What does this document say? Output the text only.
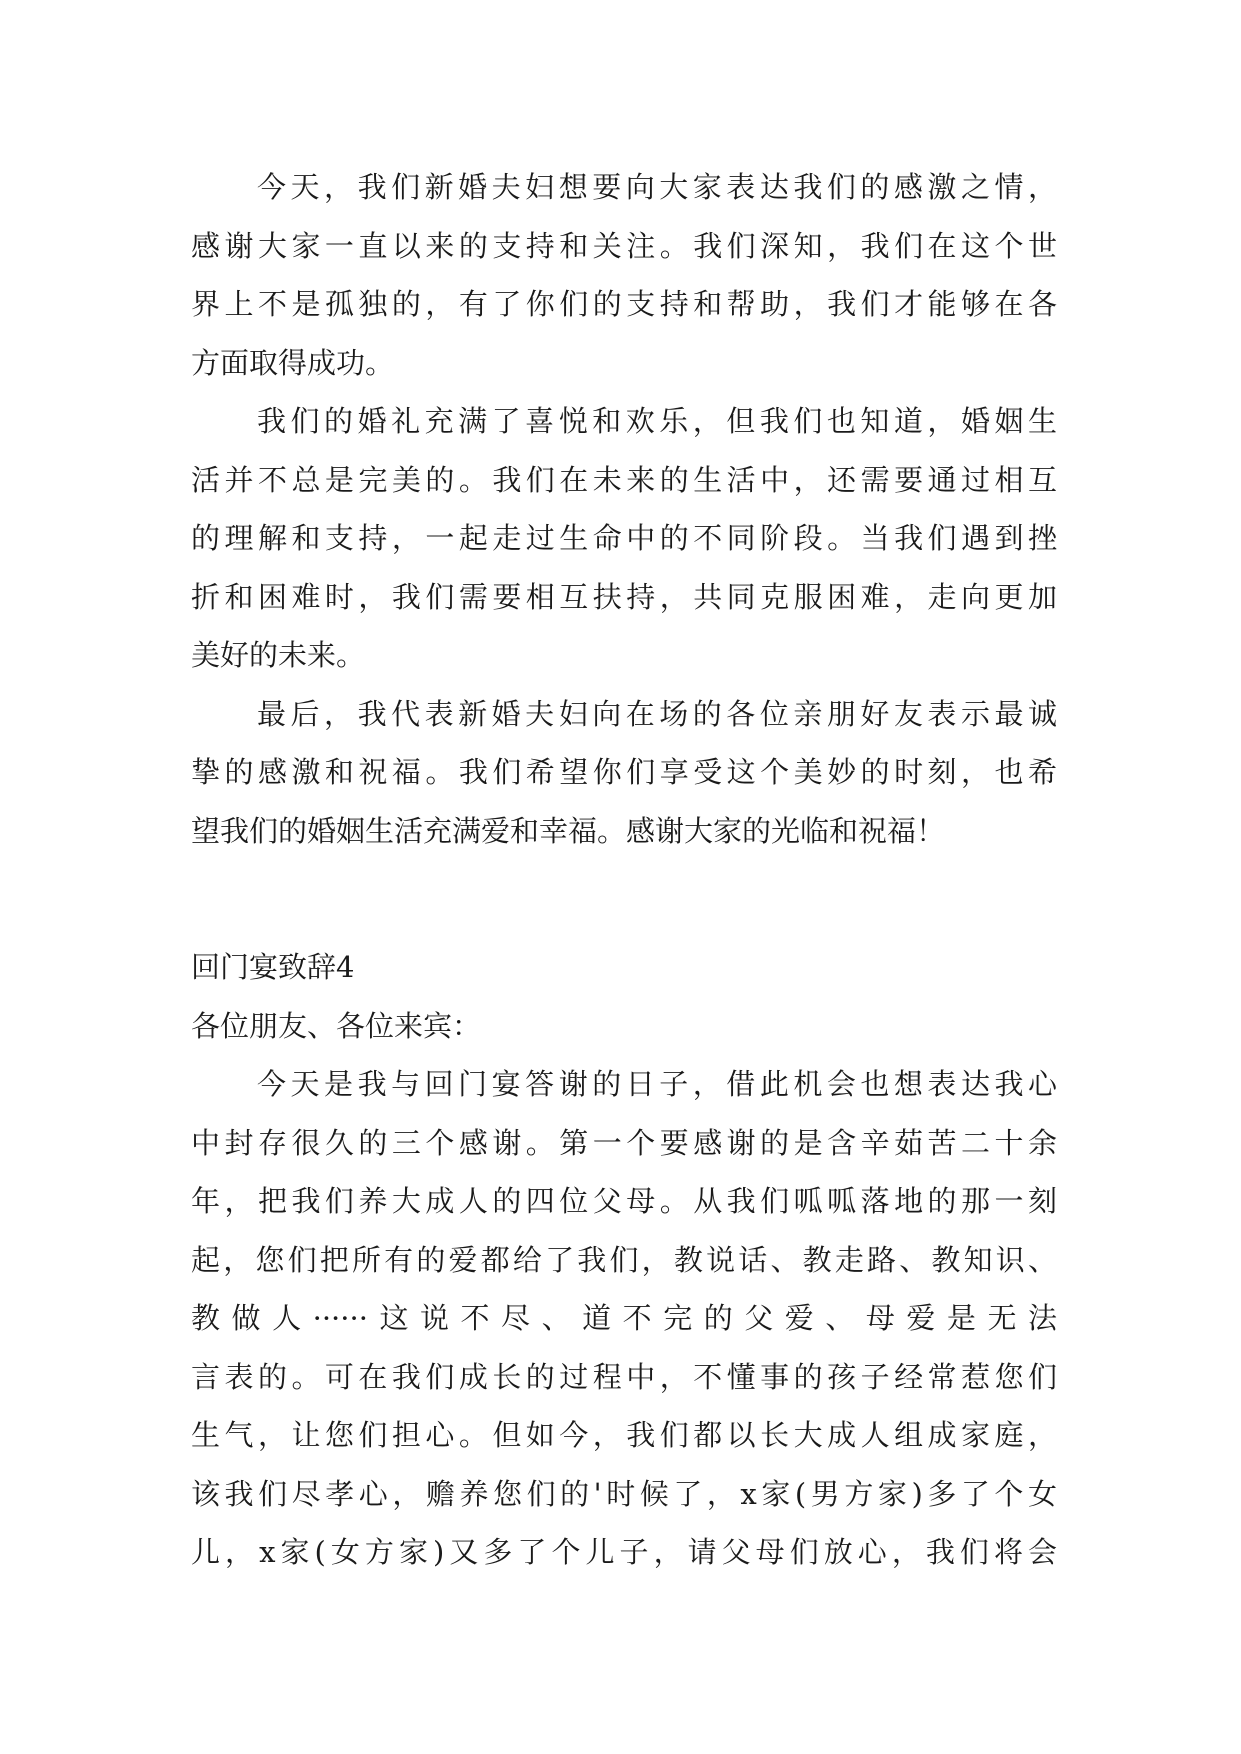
今天，我们新婚夫妇想要向大家表达我们的感激之情，
感谢大家一直以来的支持和关注。我们深知，我们在这个世
界上不是孤独的，有了你们的支持和帮助，我们才能够在各
方面取得成功。
我们的婚礼充满了喜悦和欢乐，但我们也知道，婚姻生
活并不总是完美的。我们在未来的生活中，还需要通过相互
的理解和支持，一起走过生命中的不同阶段。当我们遇到挫
折和困难时，我们需要相互扶持，共同克服困难，走向更加
美好的未来。
最后，我代表新婚夫妇向在场的各位亲朋好友表示最诚
挚的感激和祝福。我们希望你们享受这个美妙的时刻，也希
望我们的婚姻生活充满爱和幸福。感谢大家的光临和祝福！
回门宴致辞4
各位朋友、各位来宾：
今天是我与回门宴答谢的日子，借此机会也想表达我心
中封存很久的三个感谢。第一个要感谢的是含辛茹苦二十余
年，把我们养大成人的四位父母。从我们呱呱落地的那一刻
起，您们把所有的爱都给了我们，教说话、教走路、教知识、
教做人······这说不尽、道不完的父爱、母爱是无法
言表的。可在我们成长的过程中，不懂事的孩子经常惹您们
生气，让您们担心。但如今，我们都以长大成人组成家庭，
该我们尽孝心，赡养您们的'时候了，x家(男方家)多了个女
儿，x家(女方家)又多了个儿子，请父母们放心，我们将会
